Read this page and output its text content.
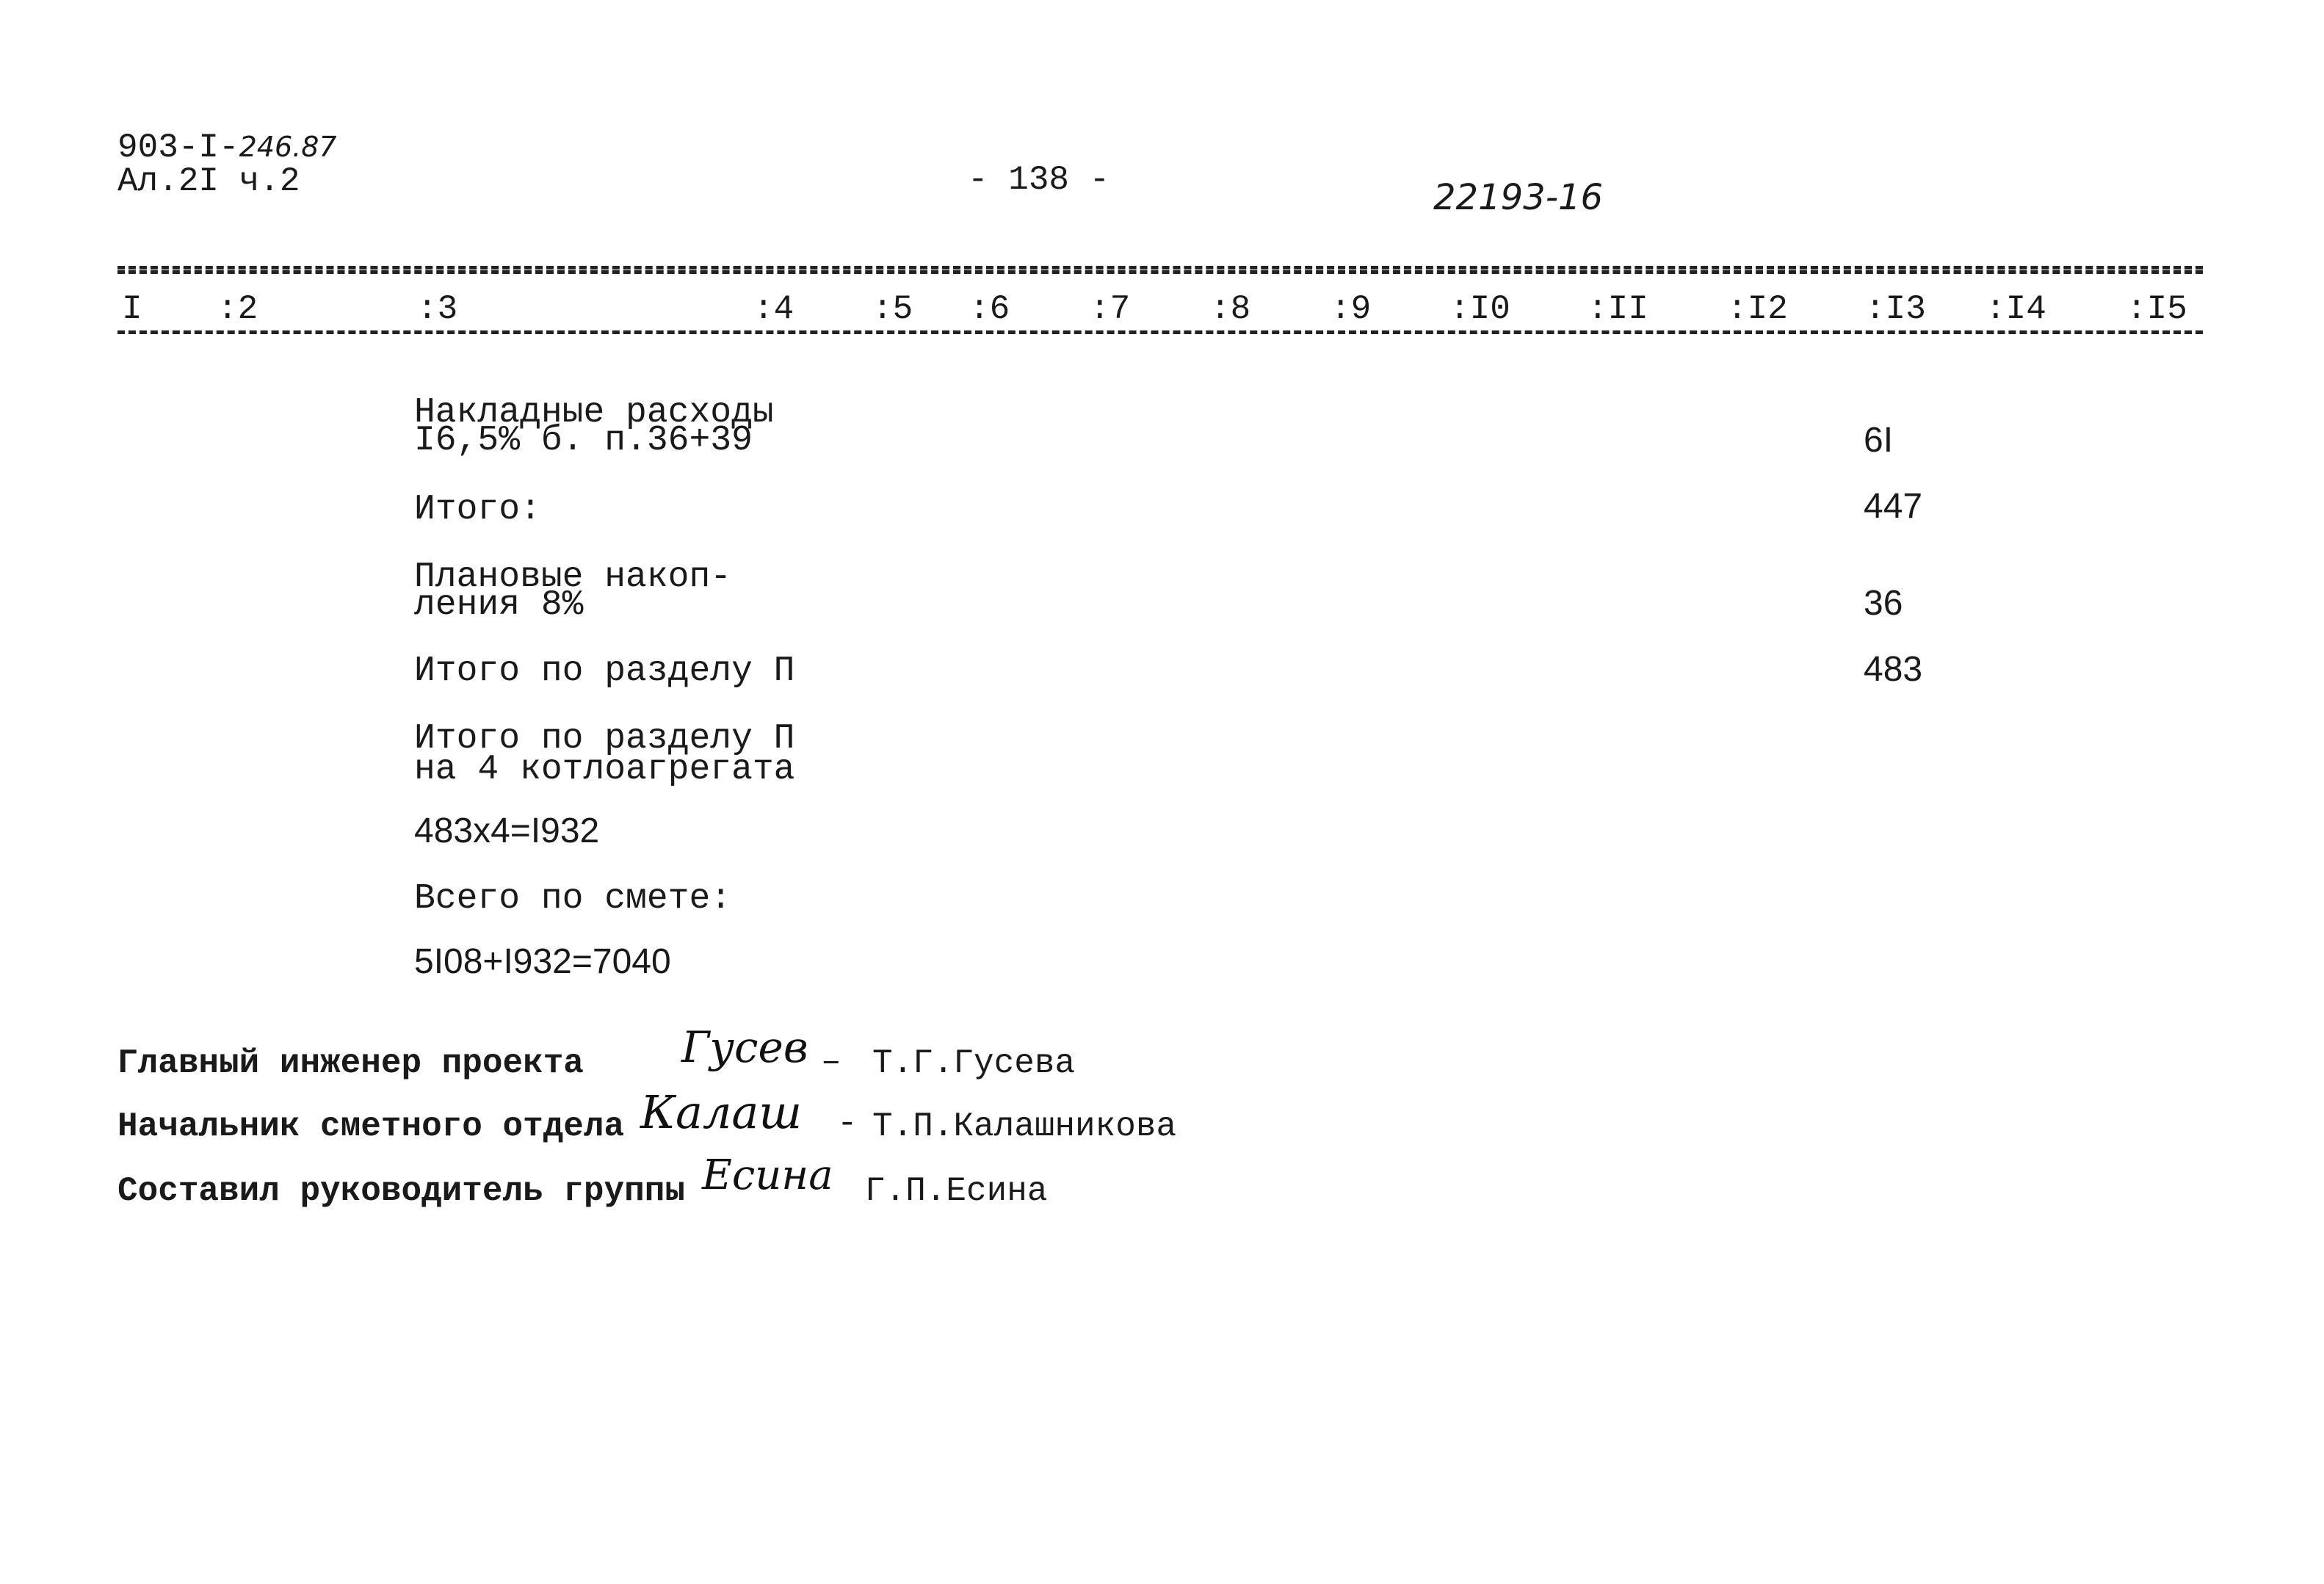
903-I-246.87
Ал.2I ч.2	- 138 -	22193-16
I :2	:3	:4 :5 :6 :7 :8 :9 :I0 :II :I2 :I3 :I4 :I5
Накладные расходы
I6,5% б. п.36+39	6I
Итого:	447
Плановые накоп-
ления 8%	36
Итого по разделу П	483
Итого по разделу П
на 4 котлоагрегата
483х4=I932
Всего по смете:
5I08+I932=7040
Главный инженер проекта Гусев – Т.Г.Гусева
Начальник сметного отдела Калаш - Т.П.Калашникова
Составил руководитель группы Есина Г.П.Есина
